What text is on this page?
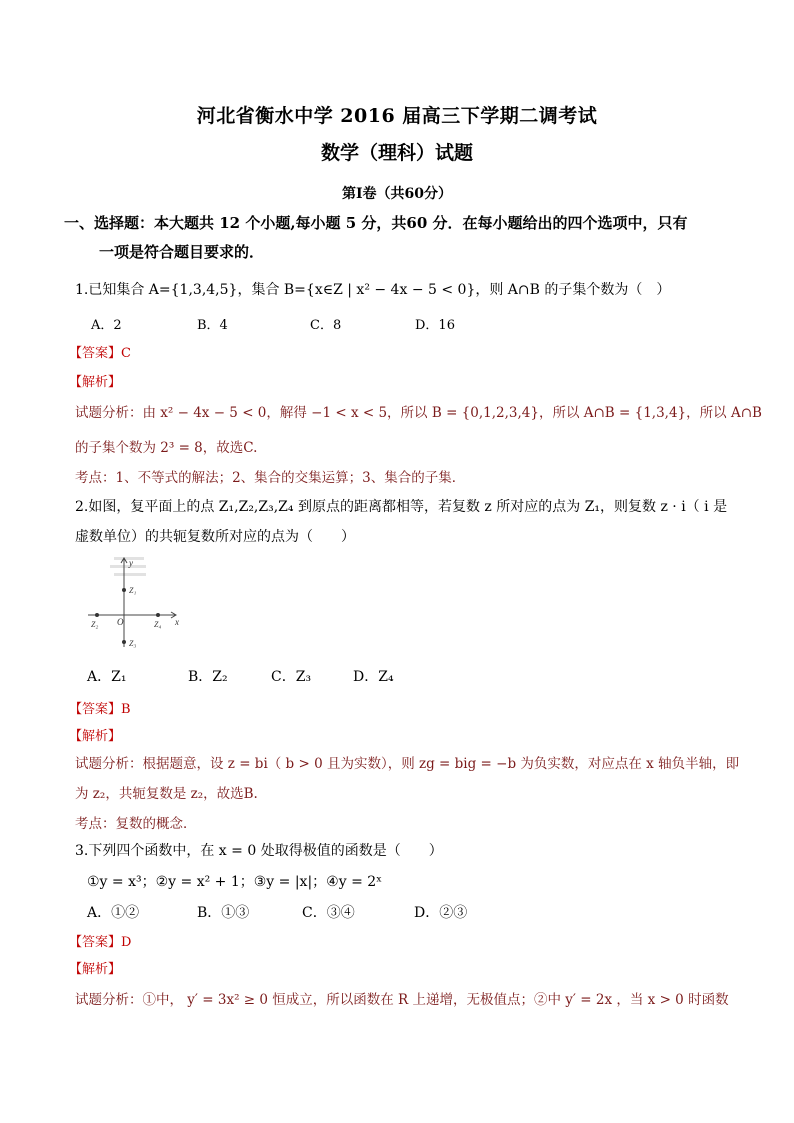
河北省衡水中学 2016 届高三下学期二调考试
数学（理科）试题
第Ⅰ卷（共60分）
一、选择题：本大题共 12 个小题,每小题 5 分，共60 分．在每小题给出的四个选项中，只有
一项是符合题目要求的．
1.已知集合 A={1,3,4,5}，集合 B={x∈Z | x² − 4x − 5 < 0}，则 A∩B 的子集个数为（　）
A．2	B．4	C．8	D．16
【答案】C
【解析】
试题分析：由 x² − 4x − 5 < 0，解得 −1 < x < 5，所以 B = {0,1,2,3,4}，所以 A∩B = {1,3,4}，所以 A∩B
的子集个数为 2³ = 8，故选C.
考点：1、不等式的解法；2、集合的交集运算；3、集合的子集．
2.如图，复平面上的点 Z₁,Z₂,Z₃,Z₄ 到原点的距离都相等，若复数 z 所对应的点为 Z₁，则复数 z · i（ i 是
虚数单位）的共轭复数所对应的点为（　　）
y
x
O
Z₁
Z₂
Z₃
Z₄
A．Z₁	B．Z₂	C．Z₃	D．Z₄
【答案】B
【解析】
试题分析：根据题意，设 z = bi（ b > 0 且为实数），则 zg = big = −b 为负实数，对应点在 x 轴负半轴，即
为 z₂，共轭复数是 z₂，故选B.
考点：复数的概念．
3.下列四个函数中，在 x = 0 处取得极值的函数是（　　）
①y = x³；②y = x² + 1；③y = |x|；④y = 2ˣ
A．①②	B．①③	C．③④	D．②③
【答案】D
【解析】
试题分析：①中， y′ = 3x² ≥ 0 恒成立，所以函数在 R 上递增，无极值点；②中 y′ = 2x ，当 x > 0 时函数
